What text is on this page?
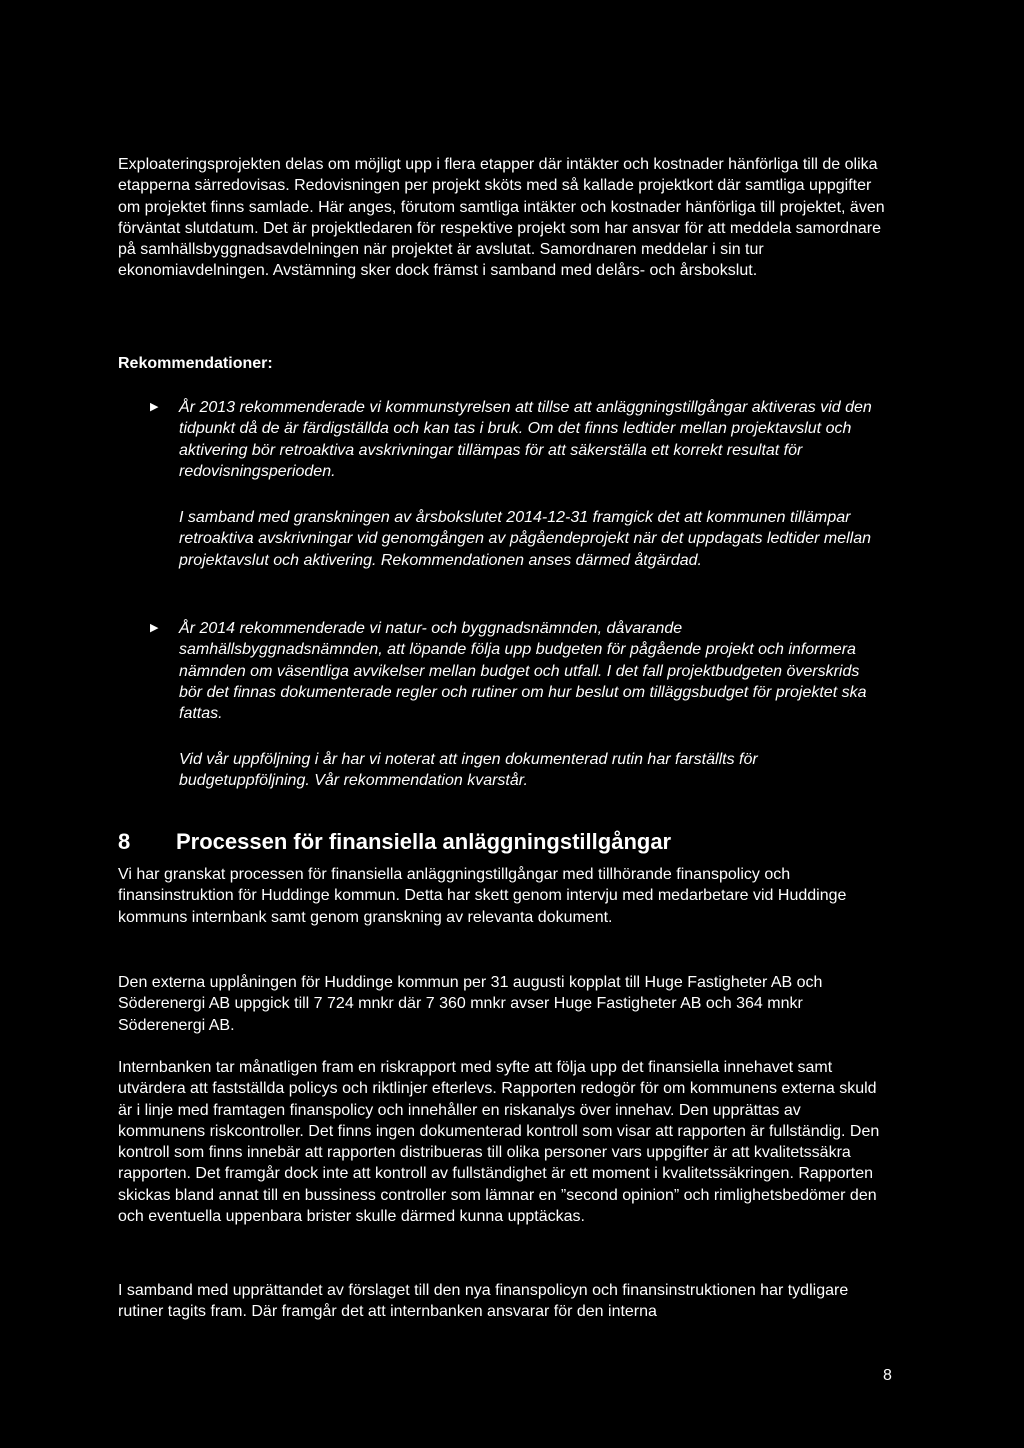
Exploateringsprojekten delas om möjligt upp i flera etapper där intäkter och kostnader hänförliga till de olika etapperna särredovisas. Redovisningen per projekt sköts med så kallade projektkort där samtliga uppgifter om projektet finns samlade. Här anges, förutom samtliga intäkter och kostnader hänförliga till projektet, även förväntat slutdatum. Det är projektledaren för respektive projekt som har ansvar för att meddela samordnare på samhällsbyggnadsavdelningen när projektet är avslutat. Samordnaren meddelar i sin tur ekonomiavdelningen. Avstämning sker dock främst i samband med delårs- och årsbokslut.

Rekommendationer:

▶ År 2013 rekommenderade vi kommunstyrelsen att tillse att anläggningstillgångar aktiveras vid den tidpunkt då de är färdigställda och kan tas i bruk. Om det finns ledtider mellan projektavslut och aktivering bör retroaktiva avskrivningar tillämpas för att säkerställa ett korrekt resultat för redovisningsperioden.

I samband med granskningen av årsbokslutet 2014-12-31 framgick det att kommunen tillämpar retroaktiva avskrivningar vid genomgången av pågåendeprojekt när det uppdagats ledtider mellan projektavslut och aktivering. Rekommendationen anses därmed åtgärdad.

▶ År 2014 rekommenderade vi natur- och byggnadsnämnden, dåvarande samhällsbyggnadsnämnden, att löpande följa upp budgeten för pågående projekt och informera nämnden om väsentliga avvikelser mellan budget och utfall. I det fall projektbudgeten överskrids bör det finnas dokumenterade regler och rutiner om hur beslut om tilläggsbudget för projektet ska fattas.

Vid vår uppföljning i år har vi noterat att ingen dokumenterad rutin har farställts för budgetuppföljning. Vår rekommendation kvarstår.

8 Processen för finansiella anläggningstillgångar

Vi har granskat processen för finansiella anläggningstillgångar med tillhörande finanspolicy och finansinstruktion för Huddinge kommun. Detta har skett genom intervju med medarbetare vid Huddinge kommuns internbank samt genom granskning av relevanta dokument.

Den externa upplåningen för Huddinge kommun per 31 augusti kopplat till Huge Fastigheter AB och Söderenergi AB uppgick till 7 724 mnkr där 7 360 mnkr avser Huge Fastigheter AB och 364 mnkr Söderenergi AB.

Internbanken tar månatligen fram en riskrapport med syfte att följa upp det finansiella innehavet samt utvärdera att fastställda policys och riktlinjer efterlevs. Rapporten redogör för om kommunens externa skuld är i linje med framtagen finanspolicy och innehåller en riskanalys över innehav. Den upprättas av kommunens riskcontroller. Det finns ingen dokumenterad kontroll som visar att rapporten är fullständig. Den kontroll som finns innebär att rapporten distribueras till olika personer vars uppgifter är att kvalitetssäkra rapporten. Det framgår dock inte att kontroll av fullständighet är ett moment i kvalitetssäkringen. Rapporten skickas bland annat till en bussiness controller som lämnar en ”second opinion” och rimlighetsbedömer den och eventuella uppenbara brister skulle därmed kunna upptäckas.

I samband med upprättandet av förslaget till den nya finanspolicyn och finansinstruktionen har tydligare rutiner tagits fram. Där framgår det att internbanken ansvarar för den interna

8
